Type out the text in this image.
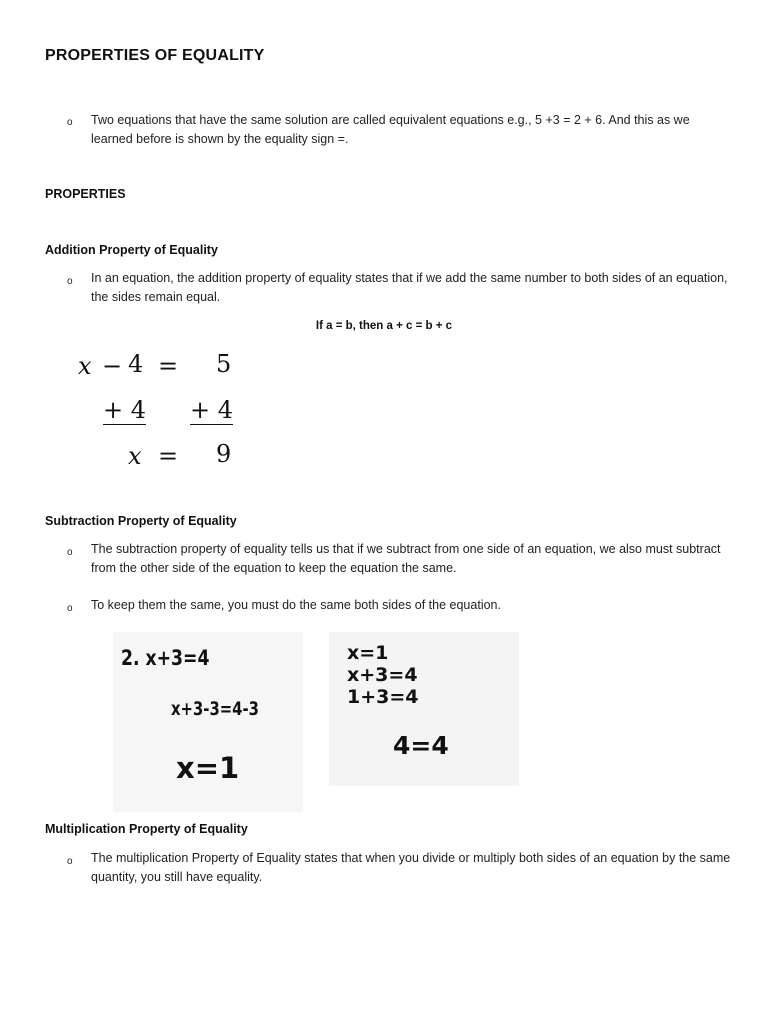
PROPERTIES OF EQUALITY
o Two equations that have the same solution are called equivalent equations e.g., 5 +3 = 2 + 6. And this as we learned before is shown by the equality sign =.
PROPERTIES
Addition Property of Equality
o In an equation, the addition property of equality states that if we add the same number to both sides of an equation, the sides remain equal.
If a = b, then a + c = b + c
x − 4 = 5
+ 4 + 4
x = 9
Subtraction Property of Equality
o The subtraction property of equality tells us that if we subtract from one side of an equation, we also must subtract from the other side of the equation to keep the equation the same.
o To keep them the same, you must do the same both sides of the equation.
2. x+3=4
x+3-3=4-3
x=1
x=1
x+3=4
1+3=4
4=4
Multiplication Property of Equality
o The multiplication Property of Equality states that when you divide or multiply both sides of an equation by the same quantity, you still have equality.
